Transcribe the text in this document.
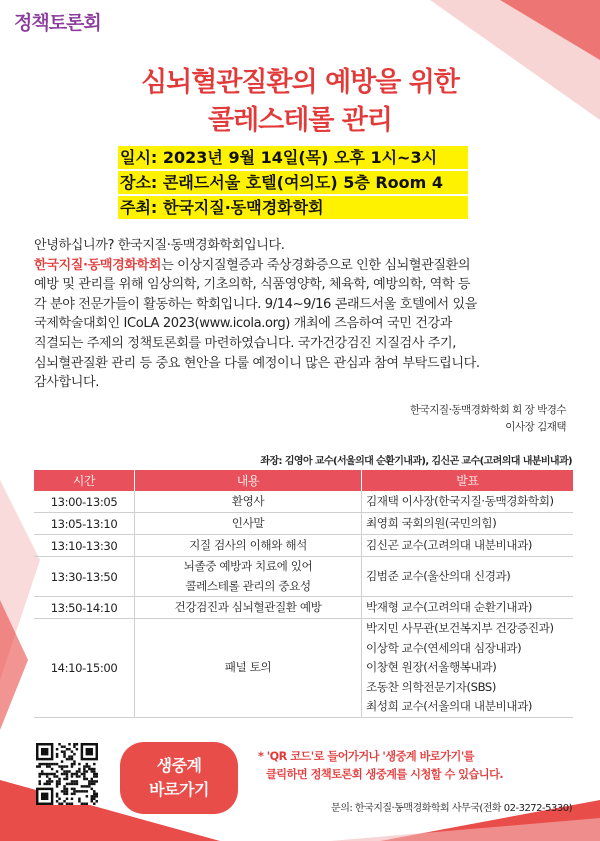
정책토론회
심뇌혈관질환의 예방을 위한
콜레스테롤 관리
일시: 2023년 9월 14일(목) 오후 1시~3시
장소: 콘래드서울 호텔(여의도) 5층 Room 4
주최: 한국지질·동맥경화학회
안녕하십니까? 한국지질·동맥경화학회입니다.
한국지질·동맥경화학회는 이상지질혈증과 죽상경화증으로 인한 심뇌혈관질환의
예방 및 관리를 위해 임상의학, 기초의학, 식품영양학, 체육학, 예방의학, 역학 등
각 분야 전문가들이 활동하는 학회입니다. 9/14~9/16 콘래드서울 호텔에서 있을
국제학술대회인 ICoLA 2023(www.icola.org) 개최에 즈음하여 국민 건강과
직결되는 주제의 정책토론회를 마련하였습니다. 국가건강검진 지질검사 주기,
심뇌혈관질환 관리 등 중요 현안을 다룰 예정이니 많은 관심과 참여 부탁드립니다.
감사합니다.
한국지질·동맥경화학회 회 장 박경수
이사장 김재택
좌장: 김영아 교수(서울의대 순환기내과), 김신곤 교수(고려의대 내분비내과)
시간	내용	발표
13:00-13:05	환영사	김재택 이사장(한국지질·동맥경화학회)

13:05-13:10	인사말	최영희 국회의원(국민의힘)

13:10-13:30	지질 검사의 이해와 해석	김신곤 교수(고려의대 내분비내과)

13:30-13:50	뇌졸중 예방과 치료에 있어
콜레스테롤 관리의 중요성	김범준 교수(울산의대 신경과)

13:50-14:10	건강검진과 심뇌혈관질환 예방	박재형 교수(고려의대 순환기내과)

14:10-15:00	패널 토의	박지민 사무관(보건복지부 건강증진과)
이상학 교수(연세의대 심장내과)
이창현 원장(서울행복내과)
조동찬 의학전문기자(SBS)
최성희 교수(서울의대 내분비내과)
생중계
바로가기
* 'QR 코드'로 들어가거나 '생중계 바로가기'를
클릭하면 정책토론회 생중계를 시청할 수 있습니다.
문의: 한국지질·동맥경화학회 사무국(전화 02-3272-5330)
